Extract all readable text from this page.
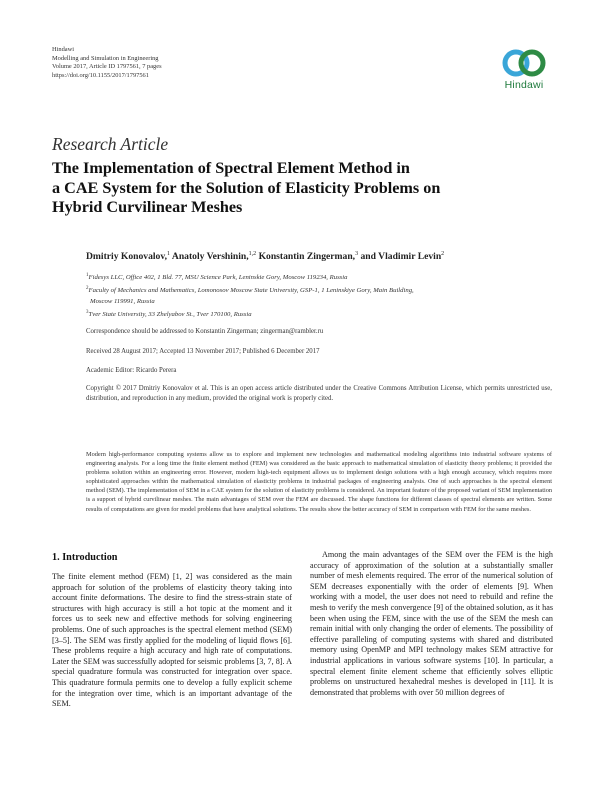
Hindawi
Modelling and Simulation in Engineering
Volume 2017, Article ID 1797561, 7 pages
https://doi.org/10.1155/2017/1797561
Hindawi
Research Article
The Implementation of Spectral Element Method in
a CAE System for the Solution of Elasticity Problems on
Hybrid Curvilinear Meshes
Dmitriy Konovalov,$^1$ Anatoly Vershinin,$^{1,2}$ Konstantin Zingerman,$^3$ and Vladimir Levin$^2$
$^1$Fidesys LLC, Office 402, 1 Bld. 77, MSU Science Park, Leninskie Gory, Moscow 119234, Russia
$^2$Faculty of Mechanics and Mathematics, Lomonosov Moscow State University, GSP-1, 1 Leninskiye Gory, Main Building,
Moscow 119991, Russia
$^3$Tver State University, 33 Zhelyabov St., Tver 170100, Russia
Correspondence should be addressed to Konstantin Zingerman; zingerman@rambler.ru
Received 28 August 2017; Accepted 13 November 2017; Published 6 December 2017
Academic Editor: Ricardo Perera
Copyright © 2017 Dmitriy Konovalov et al. This is an open access article distributed under the Creative Commons Attribution License, which permits unrestricted use, distribution, and reproduction in any medium, provided the original work is properly cited.
Modern high-performance computing systems allow us to explore and implement new technologies and mathematical modeling algorithms into industrial software systems of engineering analysis. For a long time the finite element method (FEM) was considered as the basic approach to mathematical simulation of elasticity theory problems; it provided the problems solution within an engineering error. However, modern high-tech equipment allows us to implement design solutions with a high enough accuracy, which requires more sophisticated approaches within the mathematical simulation of elasticity problems in industrial packages of engineering analysis. One of such approaches is the spectral element method (SEM). The implementation of SEM in a CAE system for the solution of elasticity problems is considered. An important feature of the proposed variant of SEM implementation is a support of hybrid curvilinear meshes. The main advantages of SEM over the FEM are discussed. The shape functions for different classes of spectral elements are written. Some results of computations are given for model problems that have analytical solutions. The results show the better accuracy of SEM in comparison with FEM for the same meshes.
1. Introduction

The finite element method (FEM) [1, 2] was considered as the main approach for solution of the problems of elasticity theory taking into account finite deformations. The desire to find the stress-strain state of structures with high accuracy is still a hot topic at the moment and it forces us to seek new and effective methods for solving engineering problems. One of such approaches is the spectral element method (SEM) [3–5]. The SEM was firstly applied for the modeling of liquid flows [6]. These problems require a high accuracy and high rate of computations. Later the SEM was successfully adopted for seismic problems [3, 7, 8]. A special quadrature formula was constructed for integration over space. This quadrature formula permits one to develop a fully explicit scheme for the integration over time, which is an important advantage of the SEM.

Among the main advantages of the SEM over the FEM is the high accuracy of approximation of the solution at a substantially smaller number of mesh elements required. The error of the numerical solution of SEM decreases exponentially with the order of elements [9]. When working with a model, the user does not need to rebuild and refine the mesh to verify the mesh convergence [9] of the obtained solution, as it has been when using the FEM, since with the use of the SEM the mesh can remain initial with only changing the order of elements. The possibility of effective paralleling of computing systems with shared and distributed memory using OpenMP and MPI technology makes SEM attractive for industrial applications in various software systems [10]. In particular, a spectral element finite element scheme that efficiently solves elliptic problems on unstructured hexahedral meshes is developed in [11]. It is demonstrated that problems with over 50 million degrees of
